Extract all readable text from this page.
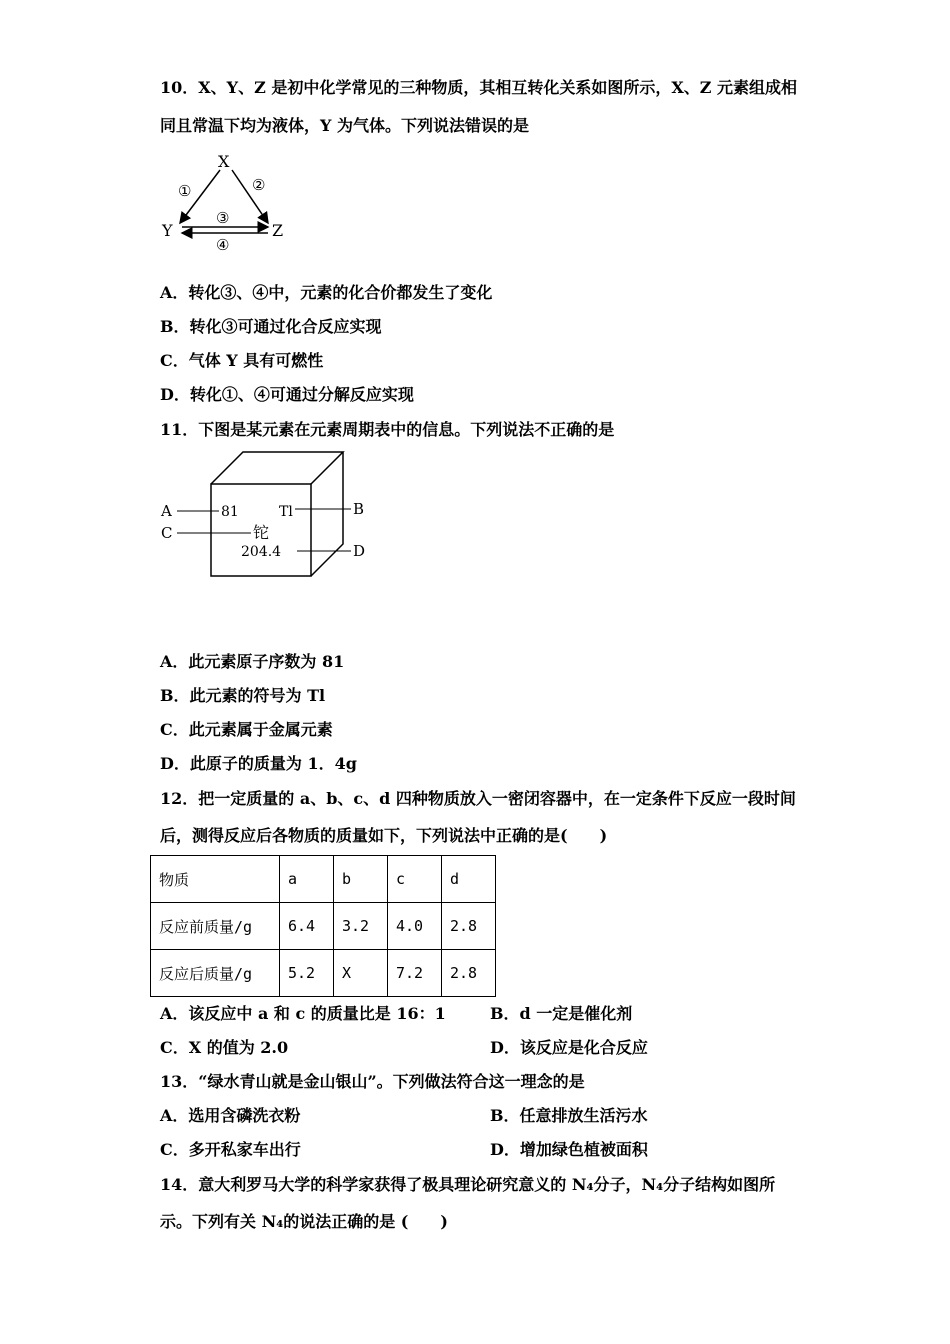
10．X、Y、Z 是初中化学常见的三种物质，其相互转化关系如图所示，X、Z 元素组成相
同且常温下均为液体，Y 为气体。下列说法错误的是
X
Y	Z
①	②
③
④
A．转化③、④中，元素的化合价都发生了变化
B．转化③可通过化合反应实现
C．气体 Y 具有可燃性
D．转化①、④可通过分解反应实现
11．下图是某元素在元素周期表中的信息。下列说法不正确的是
A	B
C
D
81	Tl
铊
204.4
A．此元素原子序数为 81
B．此元素的符号为 Tl
C．此元素属于金属元素
D．此原子的质量为 1．4g
12．把一定质量的 a、b、c、d 四种物质放入一密闭容器中，在一定条件下反应一段时间
后，测得反应后各物质的质量如下，下列说法中正确的是(　　)
物质	a	b	c	d
反应前质量/g	6.4	3.2	4.0	2.8
反应后质量/g	5.2	X	7.2	2.8
A．该反应中 a 和 c 的质量比是 16：1	B．d 一定是催化剂
C．X 的值为 2.0	D．该反应是化合反应
13．“绿水青山就是金山银山”。下列做法符合这一理念的是
A．选用含磷洗衣粉	B．任意排放生活污水
C．多开私家车出行	D．增加绿色植被面积
14．意大利罗马大学的科学家获得了极具理论研究意义的 N₄分子，N₄分子结构如图所
示。下列有关 N₄的说法正确的是 (　　)
